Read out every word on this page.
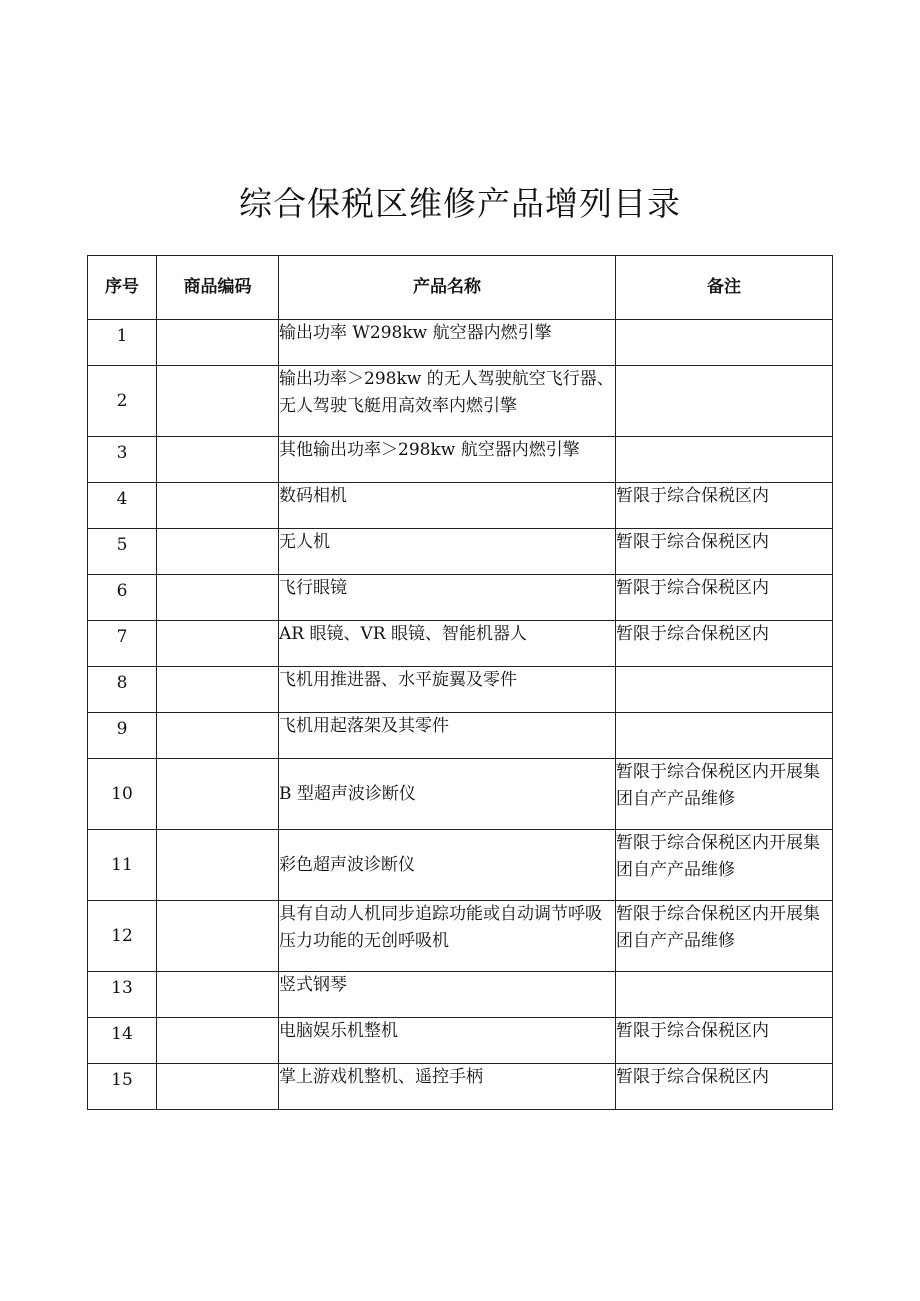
综合保税区维修产品增列目录
序号	商品编码	产品名称	备注
1		输出功率 W298kw 航空器内燃引擎	
2		输出功率＞298kw 的无人驾驶航空飞行器、无人驾驶飞艇用高效率内燃引擎	
3		其他输出功率＞298kw 航空器内燃引擎	
4		数码相机	暂限于综合保税区内
5		无人机	暂限于综合保税区内
6		飞行眼镜	暂限于综合保税区内
7		AR 眼镜、VR 眼镜、智能机器人	暂限于综合保税区内
8		飞机用推进器、水平旋翼及零件	
9		飞机用起落架及其零件	
10		B 型超声波诊断仪	暂限于综合保税区内开展集团自产产品维修
11		彩色超声波诊断仪	暂限于综合保税区内开展集团自产产品维修
12		具有自动人机同步追踪功能或自动调节呼吸压力功能的无创呼吸机	暂限于综合保税区内开展集团自产产品维修
13		竖式钢琴	
14		电脑娱乐机整机	暂限于综合保税区内
15		掌上游戏机整机、遥控手柄	暂限于综合保税区内
